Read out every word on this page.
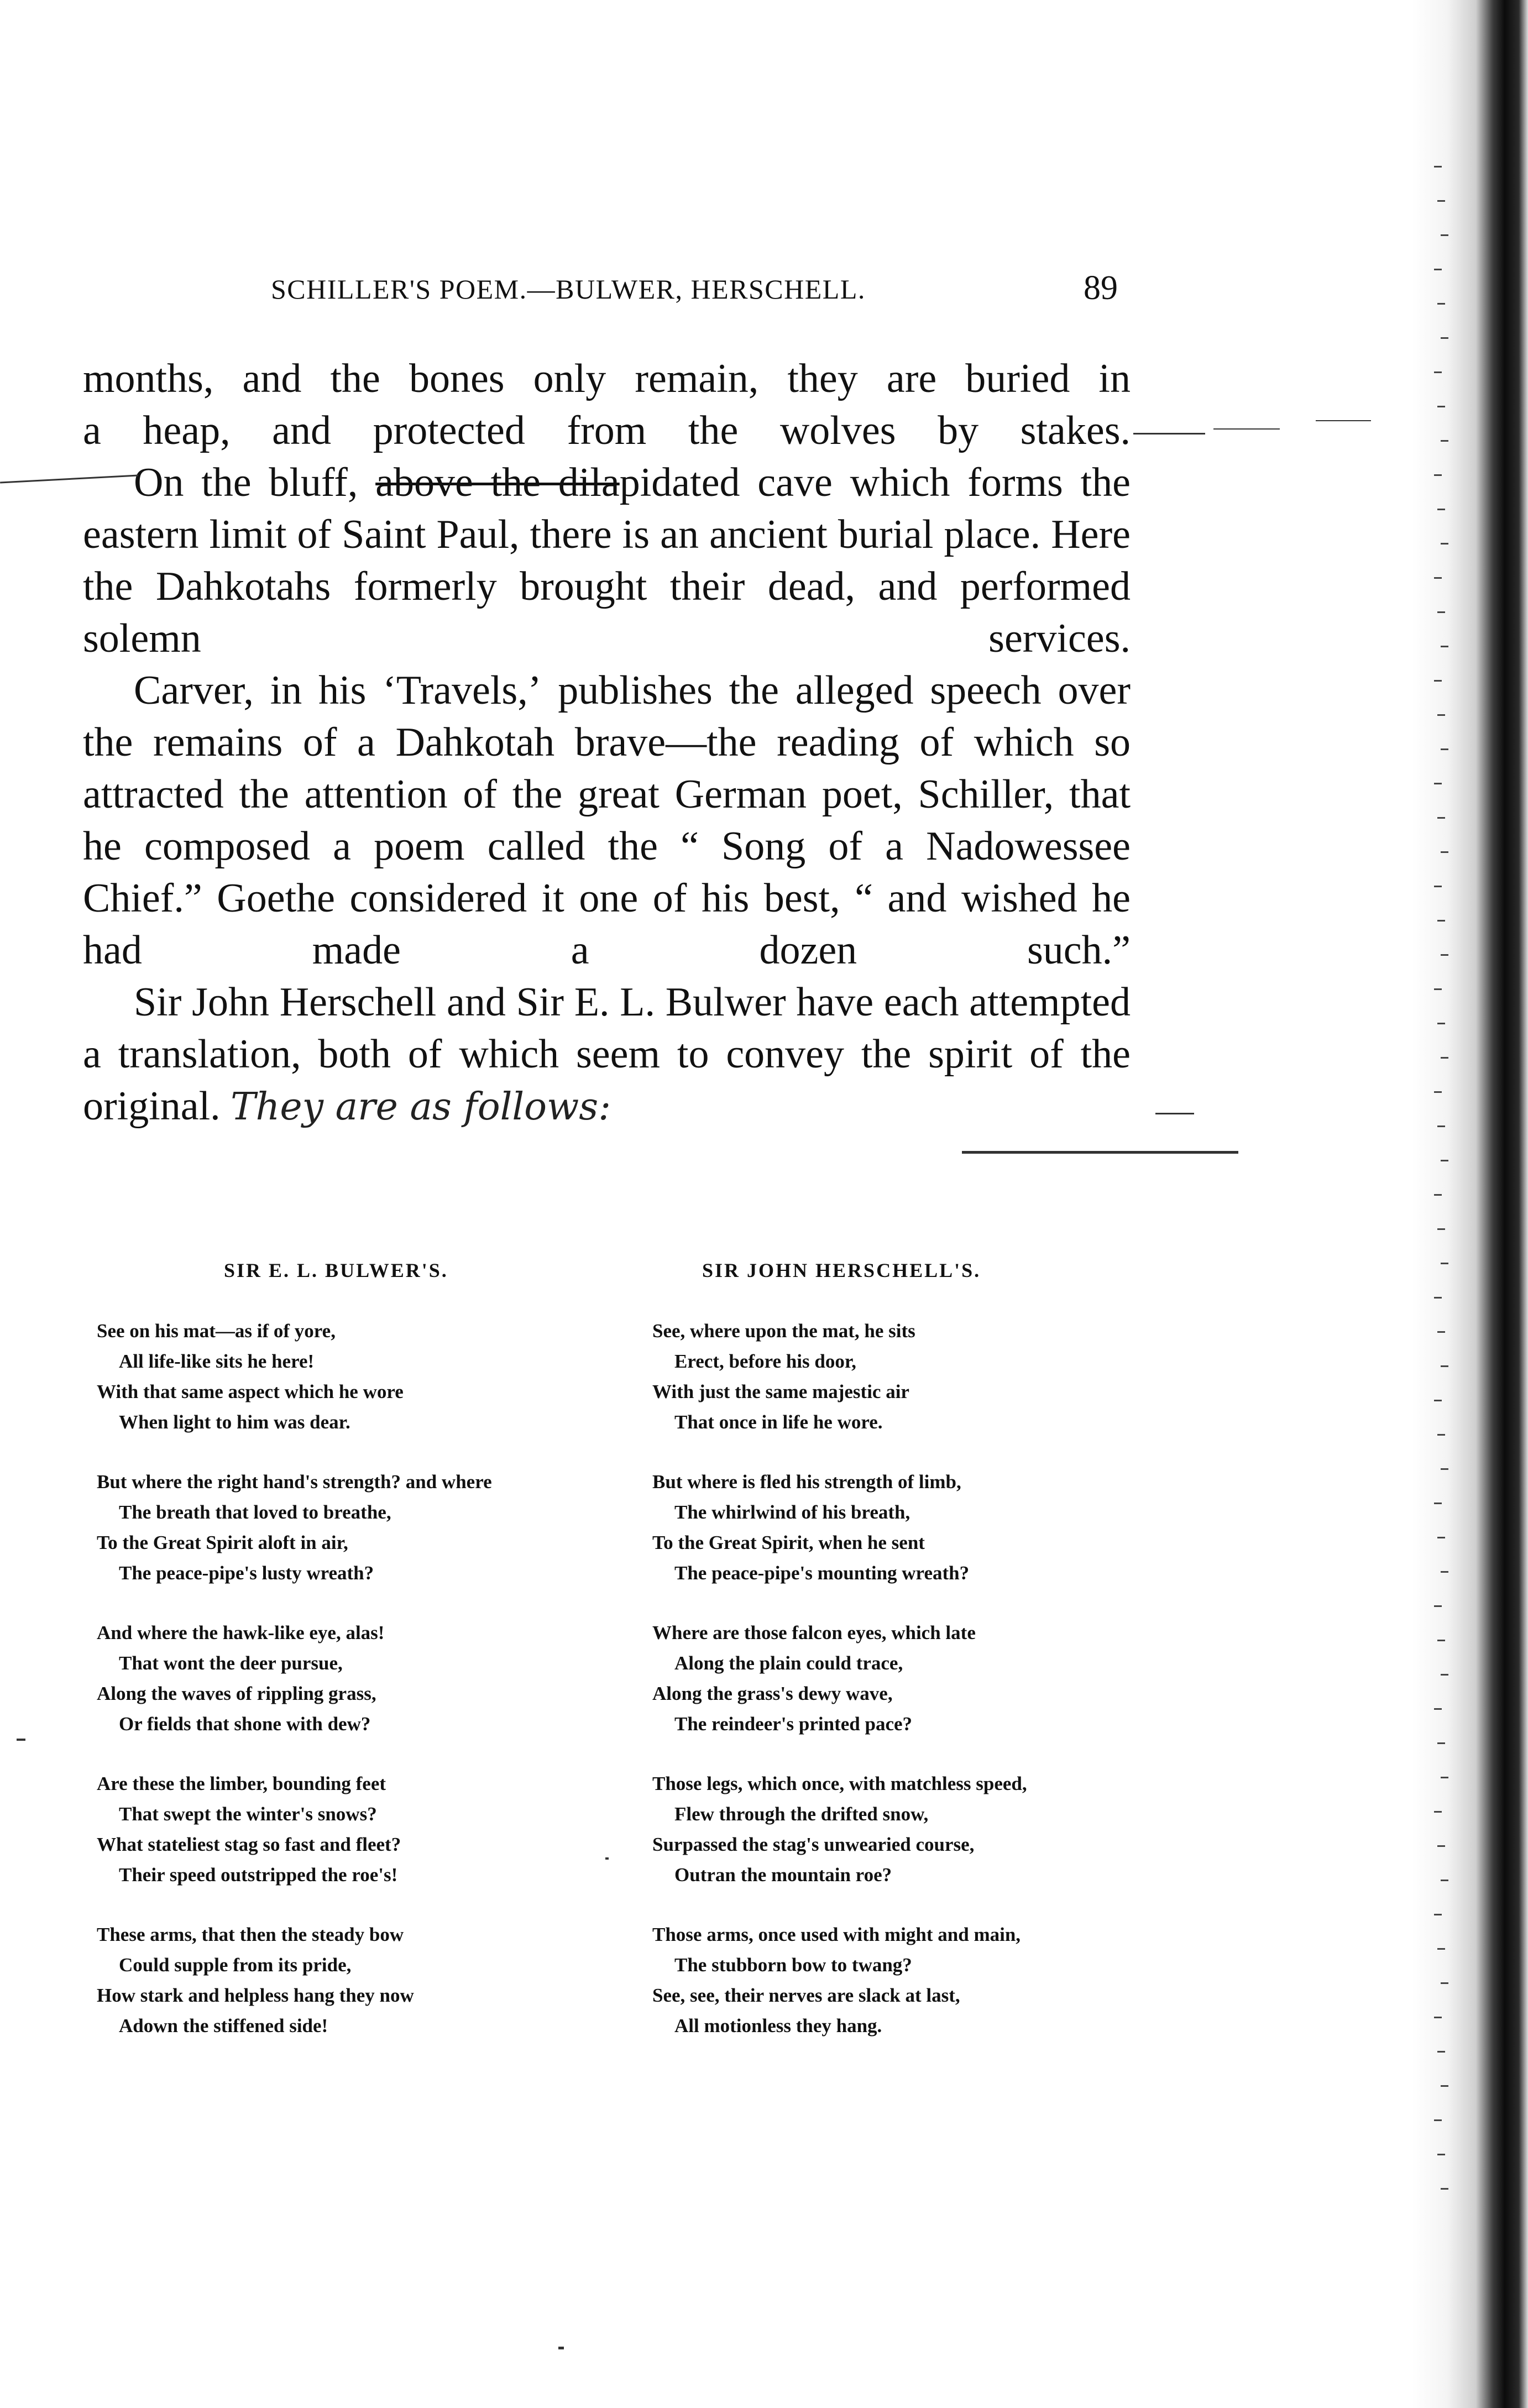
SCHILLER'S POEM.—BULWER, HERSCHELL.	89

months, and the bones only remain, they are buried in
a heap, and protected from the wolves by stakes.

On the bluff, above the dilapidated cave which forms the eastern limit of Saint Paul, there is an ancient burial place. Here the Dahkotahs formerly brought their dead, and performed solemn services.

Carver, in his ʻTravels,ʼ publishes the alleged speech over the remains of a Dahkotah brave—the reading of which so attracted the attention of the great German poet, Schiller, that he composed a poem called the “ Song of a Nadowessee Chief.” Goethe considered it one of his best, “ and wished he had made a dozen such.”

Sir John Herschell and Sir E. L. Bulwer have each attempted a translation, both of which seem to convey the spirit of the original. They are as follows:

SIR E. L. BULWER'S.	SIR JOHN HERSCHELL'S.
See on his mat—as if of yore,
All life-like sits he here!
With that same aspect which he wore
When light to him was dear.
But where the right hand's strength? and where
The breath that loved to breathe,
To the Great Spirit aloft in air,
The peace-pipe's lusty wreath?
And where the hawk-like eye, alas!
That wont the deer pursue,
Along the waves of rippling grass,
Or fields that shone with dew?
Are these the limber, bounding feet
That swept the winter's snows?
What stateliest stag so fast and fleet?
Their speed outstripped the roe's!
These arms, that then the steady bow
Could supple from its pride,
How stark and helpless hang they now
Adown the stiffened side!
See, where upon the mat, he sits
Erect, before his door,
With just the same majestic air
That once in life he wore.
But where is fled his strength of limb,
The whirlwind of his breath,
To the Great Spirit, when he sent
The peace-pipe's mounting wreath?
Where are those falcon eyes, which late
Along the plain could trace,
Along the grass's dewy wave,
The reindeer's printed pace?
Those legs, which once, with matchless speed,
Flew through the drifted snow,
Surpassed the stag's unwearied course,
Outran the mountain roe?
Those arms, once used with might and main,
The stubborn bow to twang?
See, see, their nerves are slack at last,
All motionless they hang.
